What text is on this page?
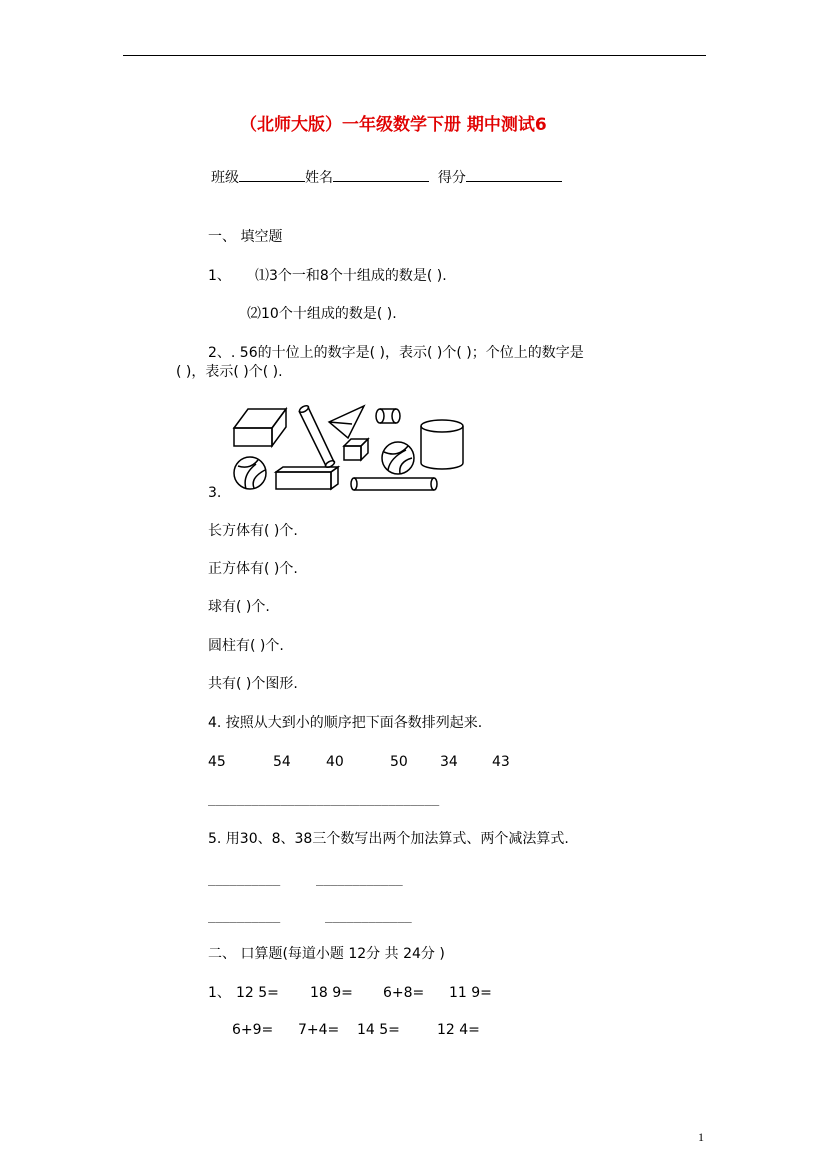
（北师大版）一年级数学下册 期中测试6
班级	姓名	得分
一、 填空题
1、 ⑴3个一和8个十组成的数是( ).
⑵10个十组成的数是( ).
2、. 56的十位上的数字是( )，表示( )个( )；个位上的数字是
( )，表示( )个( ).
3.
长方体有( )个.
正方体有( )个.
球有( )个.
圆柱有( )个.
共有( )个图形.
4. 按照从大到小的顺序把下面各数排列起来.
45	54	40	50 34 43
________________________________
5. 用30、8、38三个数写出两个加法算式、两个减法算式.
__________	____________
__________	____________
二、 口算题(每道小题 12分 共 24分 )
1、 12 5= 18 9= 6+8= 11 9=
6+9= 7+4= 14 5=	12 4=
1
